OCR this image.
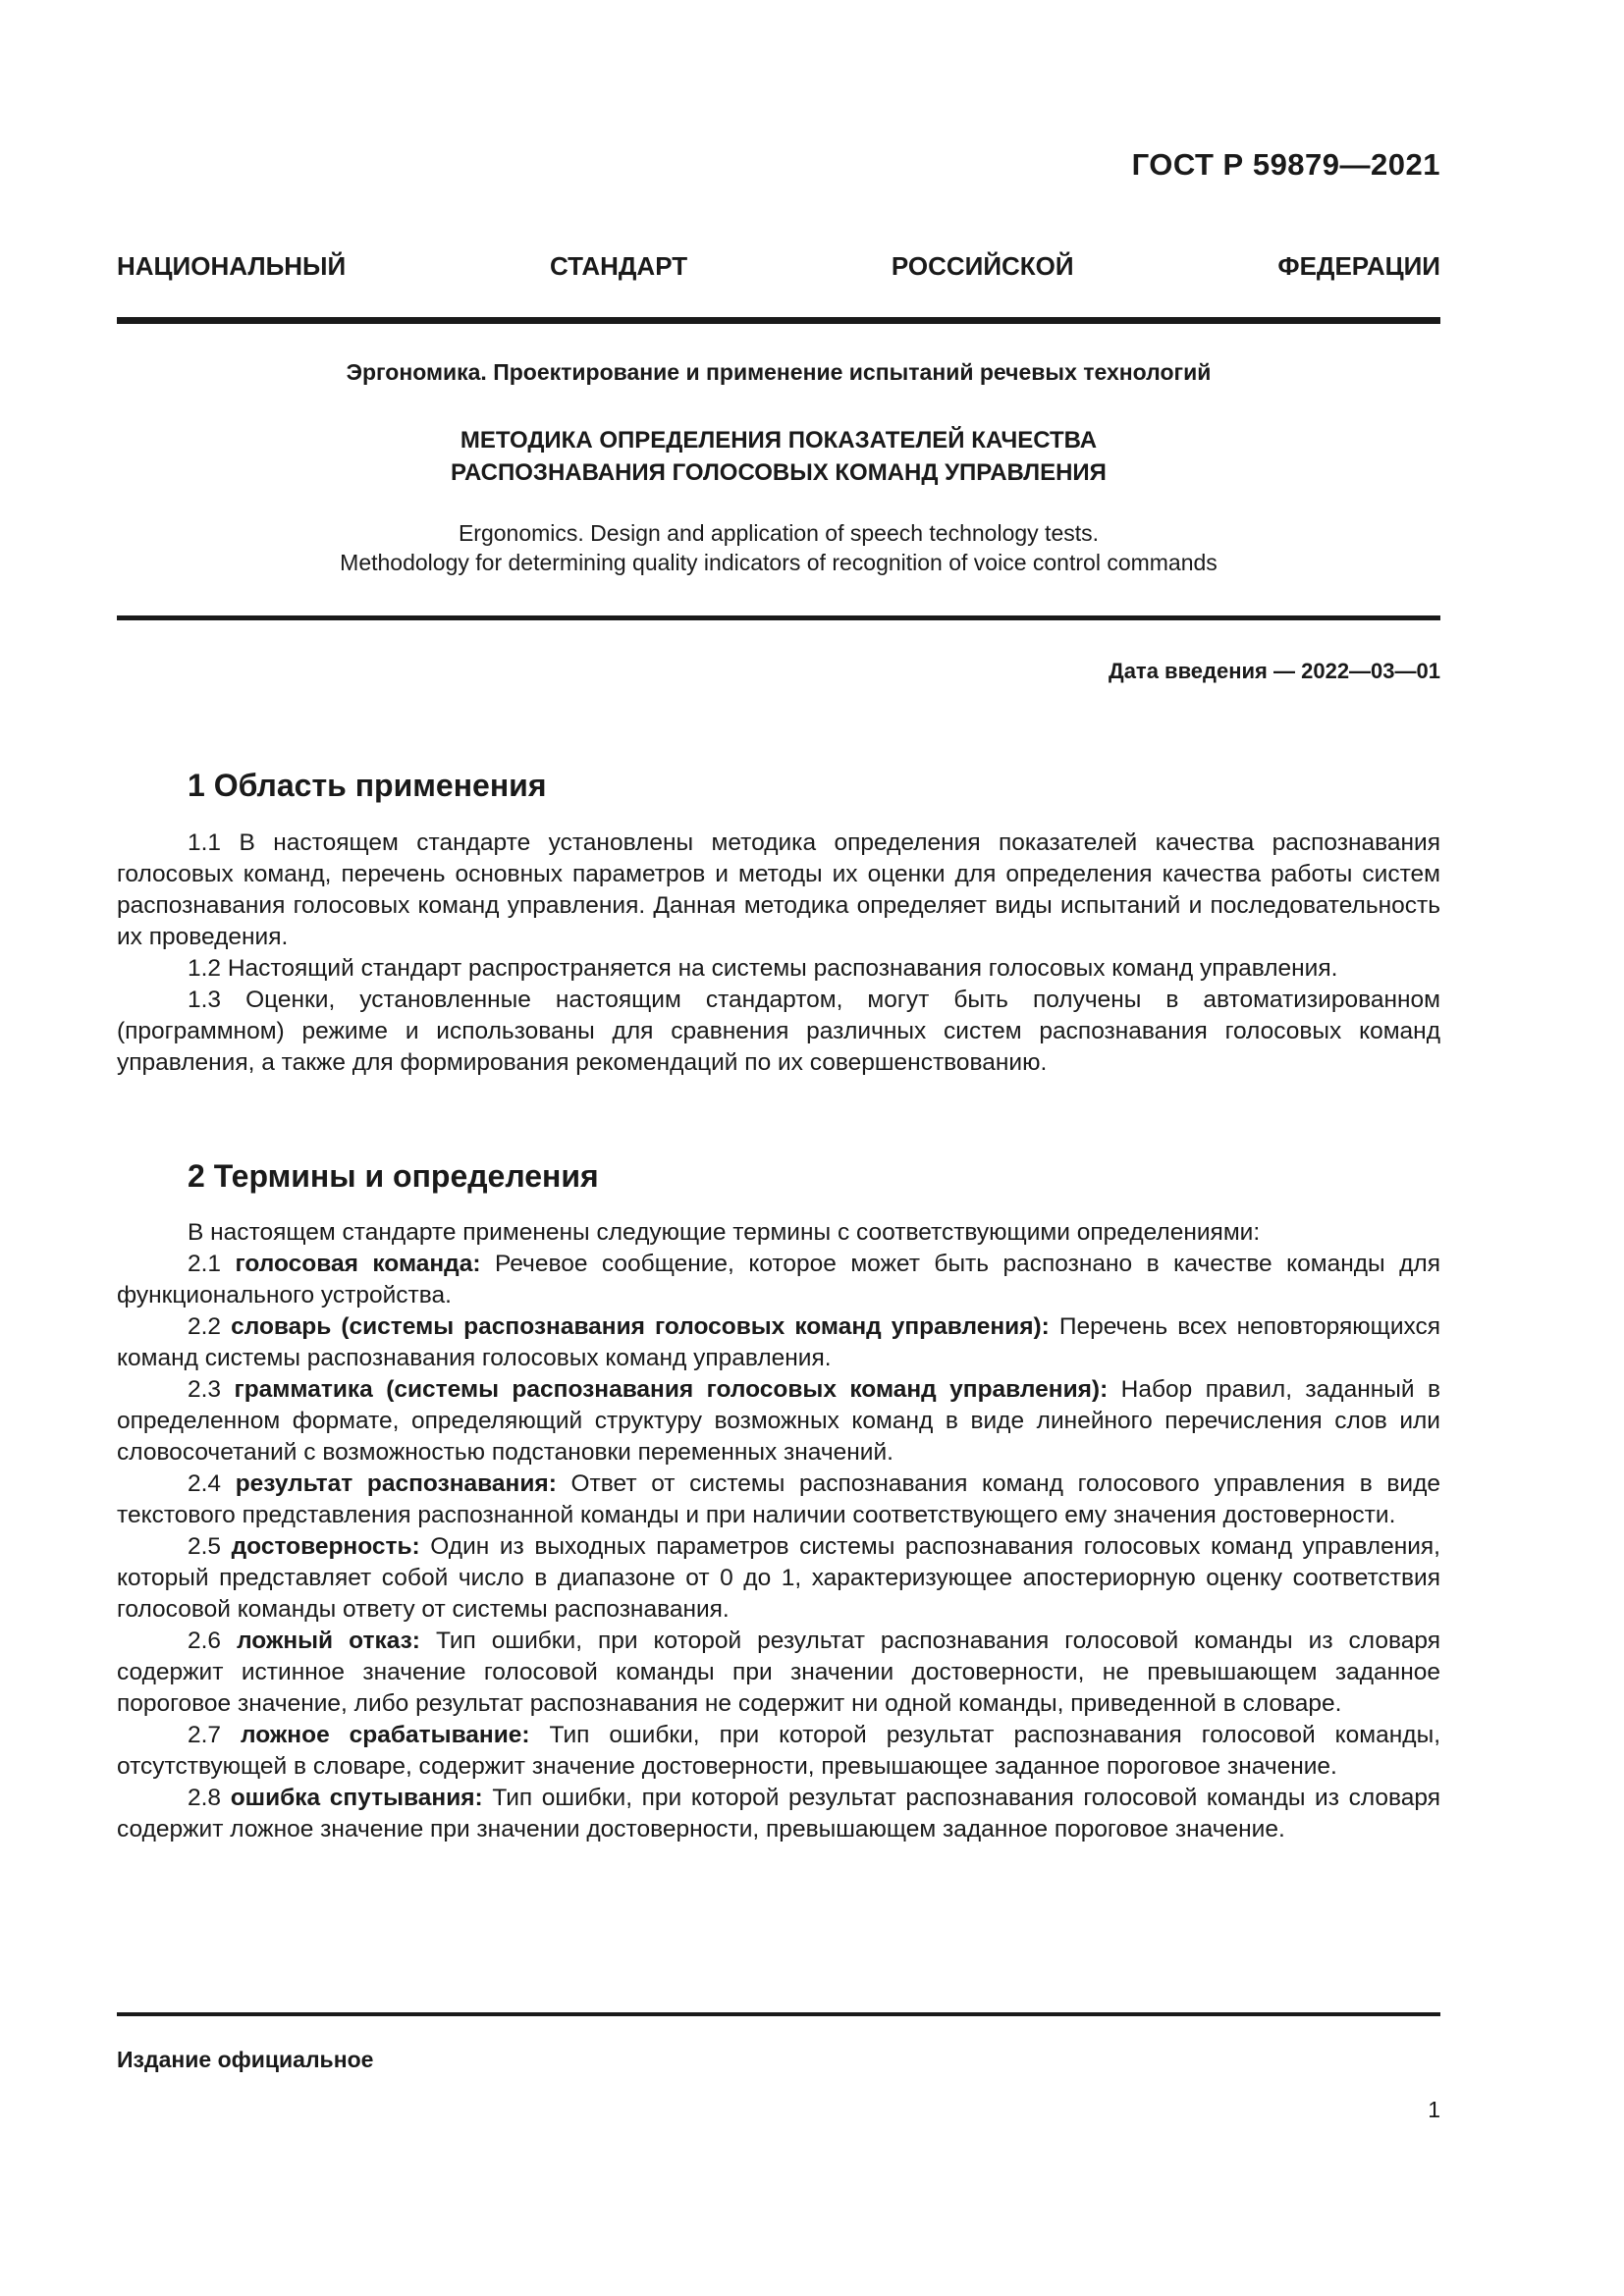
ГОСТ Р 59879—2021
НАЦИОНАЛЬНЫЙ СТАНДАРТ РОССИЙСКОЙ ФЕДЕРАЦИИ
Эргономика. Проектирование и применение испытаний речевых технологий
МЕТОДИКА ОПРЕДЕЛЕНИЯ ПОКАЗАТЕЛЕЙ КАЧЕСТВА
РАСПОЗНАВАНИЯ ГОЛОСОВЫХ КОМАНД УПРАВЛЕНИЯ
Ergonomics. Design and application of speech technology tests.
Methodology for determining quality indicators of recognition of voice control commands
Дата введения — 2022—03—01
1 Область применения

1.1 В настоящем стандарте установлены методика определения показателей качества распознавания голосовых команд, перечень основных параметров и методы их оценки для определения качества работы систем распознавания голосовых команд управления. Данная методика определяет виды испытаний и последовательность их проведения.

1.2 Настоящий стандарт распространяется на системы распознавания голосовых команд управления.

1.3 Оценки, установленные настоящим стандартом, могут быть получены в автоматизированном (программном) режиме и использованы для сравнения различных систем распознавания голосовых команд управления, а также для формирования рекомендаций по их совершенствованию.

2 Термины и определения

В настоящем стандарте применены следующие термины с соответствующими определениями:

2.1 голосовая команда: Речевое сообщение, которое может быть распознано в качестве команды для функционального устройства.

2.2 словарь (системы распознавания голосовых команд управления): Перечень всех неповторяющихся команд системы распознавания голосовых команд управления.

2.3 грамматика (системы распознавания голосовых команд управления): Набор правил, заданный в определенном формате, определяющий структуру возможных команд в виде линейного перечисления слов или словосочетаний с возможностью подстановки переменных значений.

2.4 результат распознавания: Ответ от системы распознавания команд голосового управления в виде текстового представления распознанной команды и при наличии соответствующего ему значения достоверности.

2.5 достоверность: Один из выходных параметров системы распознавания голосовых команд управления, который представляет собой число в диапазоне от 0 до 1, характеризующее апостериорную оценку соответствия голосовой команды ответу от системы распознавания.

2.6 ложный отказ: Тип ошибки, при которой результат распознавания голосовой команды из словаря содержит истинное значение голосовой команды при значении достоверности, не превышающем заданное пороговое значение, либо результат распознавания не содержит ни одной команды, приведенной в словаре.

2.7 ложное срабатывание: Тип ошибки, при которой результат распознавания голосовой команды, отсутствующей в словаре, содержит значение достоверности, превышающее заданное пороговое значение.

2.8 ошибка спутывания: Тип ошибки, при которой результат распознавания голосовой команды из словаря содержит ложное значение при значении достоверности, превышающем заданное пороговое значение.

Издание официальное
1
